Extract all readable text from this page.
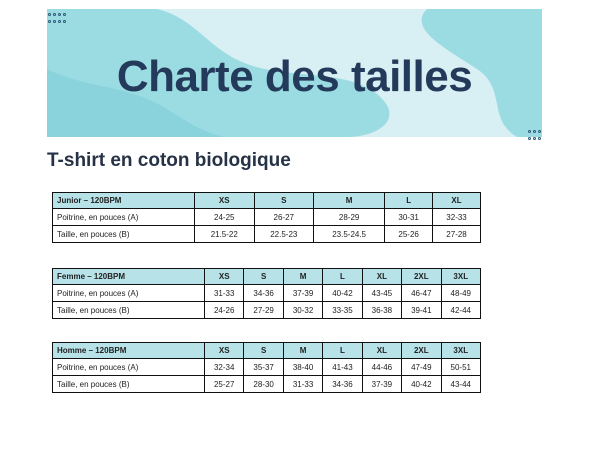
Charte des tailles

T-shirt en coton biologique
Junior – 120BPM	XS	S	M	L	XL
Poitrine, en pouces (A)	24-25	26-27	28-29	30-31	32-33
Taille, en pouces (B)	21.5-22	22.5-23	23.5-24.5	25-26	27-28
Femme – 120BPM	XS	S	M	L	XL	2XL	3XL
Poitrine, en pouces (A)	31-33	34-36	37-39	40-42	43-45	46-47	48-49
Taille, en pouces (B)	24-26	27-29	30-32	33-35	36-38	39-41	42-44
Homme – 120BPM	XS	S	M	L	XL	2XL	3XL
Poitrine, en pouces (A)	32-34	35-37	38-40	41-43	44-46	47-49	50-51
Taille, en pouces (B)	25-27	28-30	31-33	34-36	37-39	40-42	43-44
